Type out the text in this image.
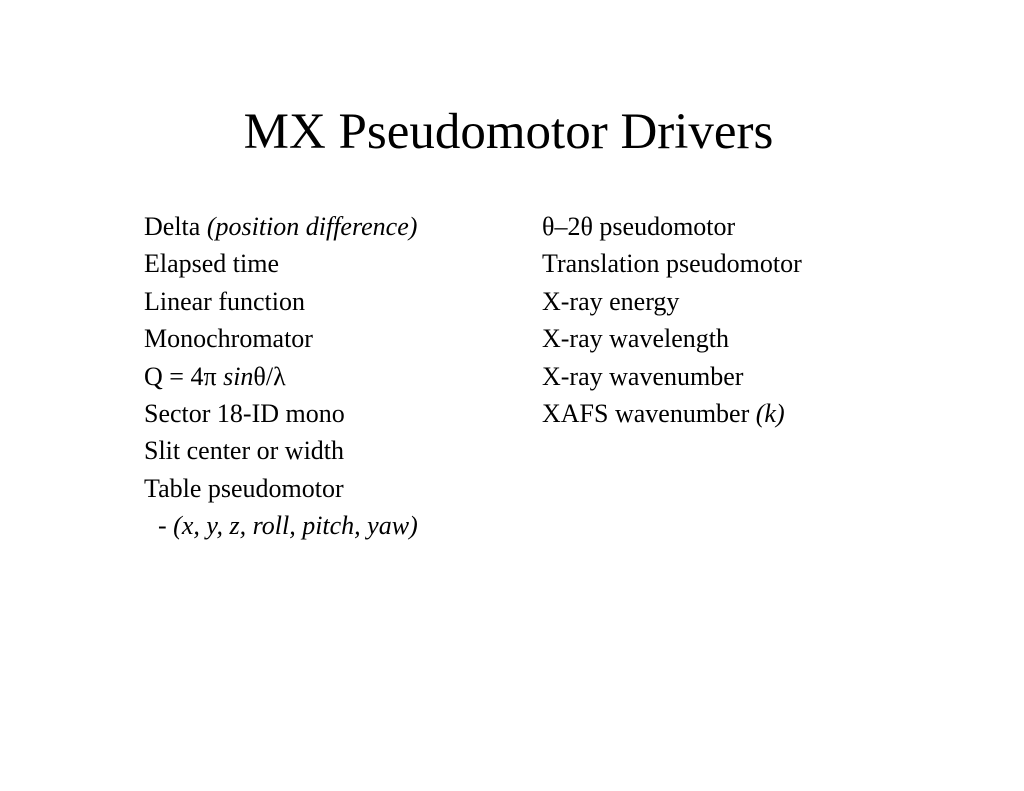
MX Pseudomotor Drivers
Delta (position difference)
Elapsed time
Linear function
Monochromator
Q = 4π sinθ/λ
Sector 18-ID mono
Slit center or width
Table pseudomotor
- (x, y, z, roll, pitch, yaw)
θ–2θ pseudomotor
Translation pseudomotor
X-ray energy
X-ray wavelength
X-ray wavenumber
XAFS wavenumber (k)
